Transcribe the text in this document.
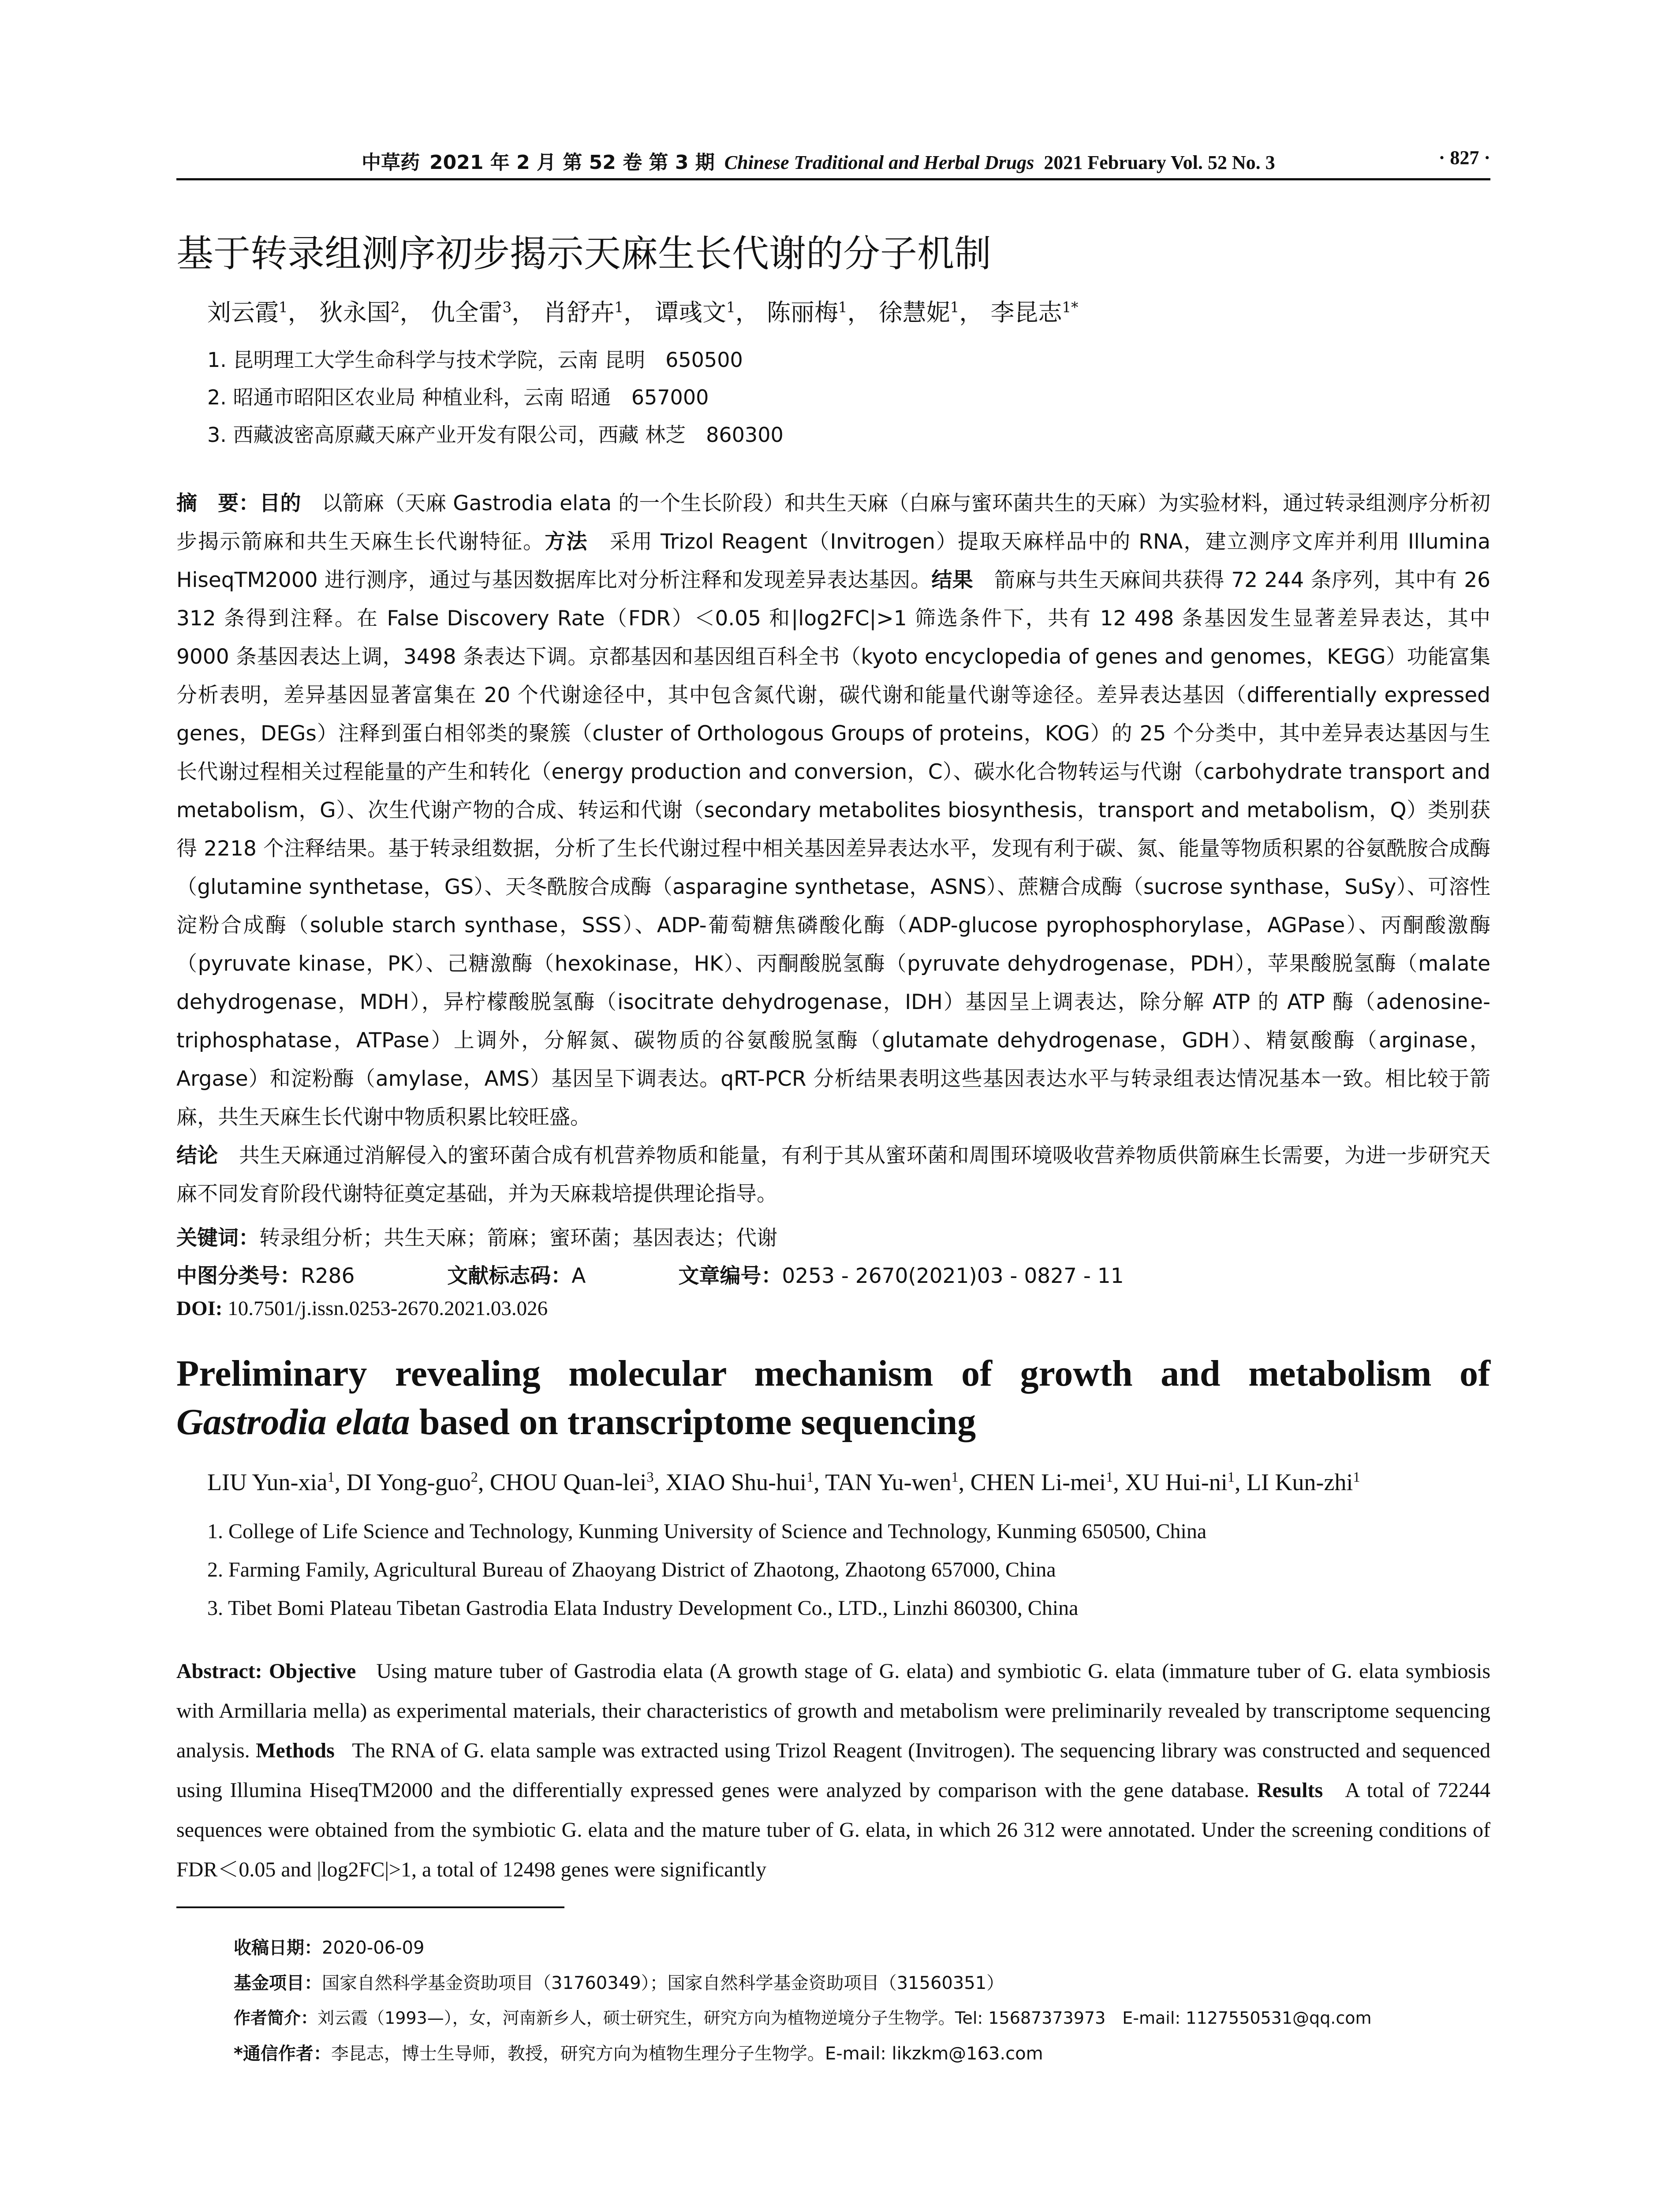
中草药 2021 年 2 月 第 52 卷 第 3 期 Chinese Traditional and Herbal Drugs 2021 February Vol. 52 No. 3	· 827 ·
基于转录组测序初步揭示天麻生长代谢的分子机制
刘云霞$^1$， 狄永国$^2$， 仇全雷$^3$， 肖舒卉$^1$， 谭彧文$^1$， 陈丽梅$^1$， 徐慧妮$^1$， 李昆志$^{1*}$
1. 昆明理工大学生命科学与技术学院，云南 昆明　650500
2. 昭通市昭阳区农业局 种植业科，云南 昭通　657000
3. 西藏波密高原藏天麻产业开发有限公司，西藏 林芝　860300
摘　要：目的　 以箭麻（天麻 Gastrodia elata 的一个生长阶段）和共生天麻（白麻与蜜环菌共生的天麻）为实验材料，通过转录组测序分析初步揭示箭麻和共生天麻生长代谢特征。方法　 采用 Trizol Reagent（Invitrogen）提取天麻样品中的 RNA，建立测序文库并利用 Illumina HiseqTM2000 进行测序，通过与基因数据库比对分析注释和发现差异表达基因。结果　 箭麻与共生天麻间共获得 72 244 条序列，其中有 26 312 条得到注释。在 False Discovery Rate（FDR）＜0.05 和|log2FC|>1 筛选条件下，共有 12 498 条基因发生显著差异表达，其中 9000 条基因表达上调，3498 条表达下调。京都基因和基因组百科全书（kyoto encyclopedia of genes and genomes，KEGG）功能富集分析表明，差异基因显著富集在 20 个代谢途径中，其中包含氮代谢，碳代谢和能量代谢等途径。差异表达基因（differentially expressed genes，DEGs）注释到蛋白相邻类的聚簇（cluster of Orthologous Groups of proteins，KOG）的 25 个分类中，其中差异表达基因与生长代谢过程相关过程能量的产生和转化（energy production and conversion，C）、碳水化合物转运与代谢（carbohydrate transport and metabolism，G）、次生代谢产物的合成、转运和代谢（secondary metabolites biosynthesis，transport and metabolism，Q）类别获得 2218 个注释结果。基于转录组数据，分析了生长代谢过程中相关基因差异表达水平，发现有利于碳、氮、能量等物质积累的谷氨酰胺合成酶（glutamine synthetase，GS）、天冬酰胺合成酶（asparagine synthetase，ASNS）、蔗糖合成酶（sucrose synthase，SuSy）、可溶性淀粉合成酶（soluble starch synthase，SSS）、ADP-葡萄糖焦磷酸化酶（ADP-glucose pyrophosphorylase，AGPase）、丙酮酸激酶（pyruvate kinase，PK）、己糖激酶（hexokinase，HK）、丙酮酸脱氢酶（pyruvate dehydrogenase，PDH），苹果酸脱氢酶（malate dehydrogenase，MDH），异柠檬酸脱氢酶（isocitrate dehydrogenase，IDH）基因呈上调表达，除分解 ATP 的 ATP 酶（adenosine-triphosphatase，ATPase）上调外，分解氮、碳物质的谷氨酸脱氢酶（glutamate dehydrogenase，GDH）、精氨酸酶（arginase，Argase）和淀粉酶（amylase，AMS）基因呈下调表达。qRT-PCR 分析结果表明这些基因表达水平与转录组表达情况基本一致。相比较于箭麻，共生天麻生长代谢中物质积累比较旺盛。
结论　 共生天麻通过消解侵入的蜜环菌合成有机营养物质和能量，有利于其从蜜环菌和周围环境吸收营养物质供箭麻生长需要，为进一步研究天麻不同发育阶段代谢特征奠定基础，并为天麻栽培提供理论指导。
关键词：转录组分析；共生天麻；箭麻；蜜环菌；基因表达；代谢
中图分类号：R286	文献标志码：A	文章编号：0253 - 2670(2021)03 - 0827 - 11
DOI: 10.7501/j.issn.0253-2670.2021.03.026
Preliminary revealing molecular mechanism of growth and metabolism of Gastrodia elata based on transcriptome sequencing
LIU Yun-xia$^1$, DI Yong-guo$^2$, CHOU Quan-lei$^3$, XIAO Shu-hui$^1$, TAN Yu-wen$^1$, CHEN Li-mei$^1$, XU Hui-$ni^1$, LI Kun-zhi$^1$
1. College of Life Science and Technology, Kunming University of Science and Technology, Kunming 650500, China
2. Farming Family, Agricultural Bureau of Zhaoyang District of Zhaotong, Zhaotong 657000, China
3. Tibet Bomi Plateau Tibetan Gastrodia Elata Industry Development Co., LTD., Linzhi 860300, China
Abstract: Objective Using mature tuber of Gastrodia elata (A growth stage of G. elata) and symbiotic G. elata (immature tuber of G. elata symbiosis with Armillaria mella) as experimental materials, their characteristics of growth and metabolism were preliminarily revealed by transcriptome sequencing analysis. Methods The RNA of G. elata sample was extracted using Trizol Reagent (Invitrogen). The sequencing library was constructed and sequenced using Illumina HiseqTM2000 and the differentially expressed genes were analyzed by comparison with the gene database. Results A total of 72244 sequences were obtained from the symbiotic G. elata and the mature tuber of G. elata, in which 26 312 were annotated. Under the screening conditions of FDR＜0.05 and |log2FC|>1, a total of 12498 genes were significantly
收稿日期：2020-06-09
基金项目：国家自然科学基金资助项目（31760349）；国家自然科学基金资助项目（31560351）
作者简介：刘云霞（1993—），女，河南新乡人，硕士研究生，研究方向为植物逆境分子生物学。Tel: 15687373973　E-mail: 1127550531@qq.com
*通信作者：李昆志，博士生导师，教授，研究方向为植物生理分子生物学。E-mail: likzkm@163.com
